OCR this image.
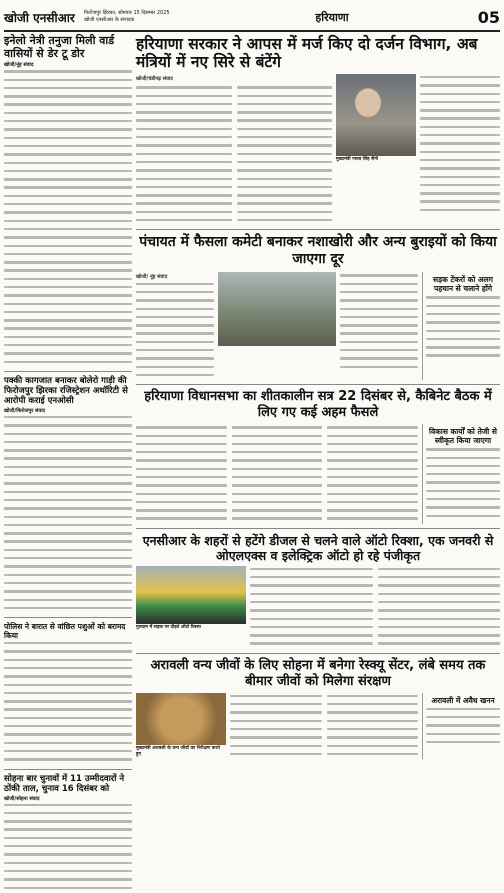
खोजी एनसीआर	फिरोजपुर झिरका, सोमवार 15 दिसम्बर 2025
खोजी एनसीआर के संपादक	हरियाणा	05
इनेलो नेत्री तनुजा मिली वार्ड वासियों से डेर टू डोर
खोजी/नूंह संवाद
पक्की कागजात बनाकर बोलेरो गाड़ी की फिरोजपुर झिरका रजिस्ट्रेशन अथॉरिटी से आरोपी कराई एनओसी
खोजी/फिरोजपुर संवाद
पोलिस ने बारात से वांछित पशुओं को बरामद किया
सोहना बार चुनावों में 11 उम्मीदवारों ने ठोंकी ताल, चुनाव 16 दिसंबर को
खोजी/सोहना संवाद
हरियाणा सरकार ने आपस में मर्ज किए दो दर्जन विभाग, अब मंत्रियों में नए सिरे से बंटेंगे
खोजी/चंडीगढ़ संवाद
मुख्यमंत्री नायब सिंह सैनी
पंचायत में फैसला कमेटी बनाकर नशाखोरी और अन्य बुराइयों को किया जाएगा दूर
खोजी/ नूंह संवाद	सड़क टेंकरों को अलग पहचान से चलाने होंगे
हरियाणा विधानसभा का शीतकालीन सत्र 22 दिसंबर से, कैबिनेट बैठक में लिए गए कई अहम फैसले
विकास कार्यों को तेजी से स्वीकृत किया जाएगा
एनसीआर के शहरों से हटेंगे डीजल से चलने वाले ऑटो रिक्शा, एक जनवरी से ओएलएक्स व इलेक्ट्रिक ऑटो हो रहे पंजीकृत
गुरुग्राम में सड़क पर दौड़ते ऑटो रिक्शा
अरावली वन्य जीवों के लिए सोहना में बनेगा रेस्क्यू सेंटर, लंबे समय तक बीमार जीवों को मिलेगा संरक्षण
मुख्यमंत्री अरावली के वन्य जीवों का निरीक्षण करते हुए
अरावली में अवैध खनन
